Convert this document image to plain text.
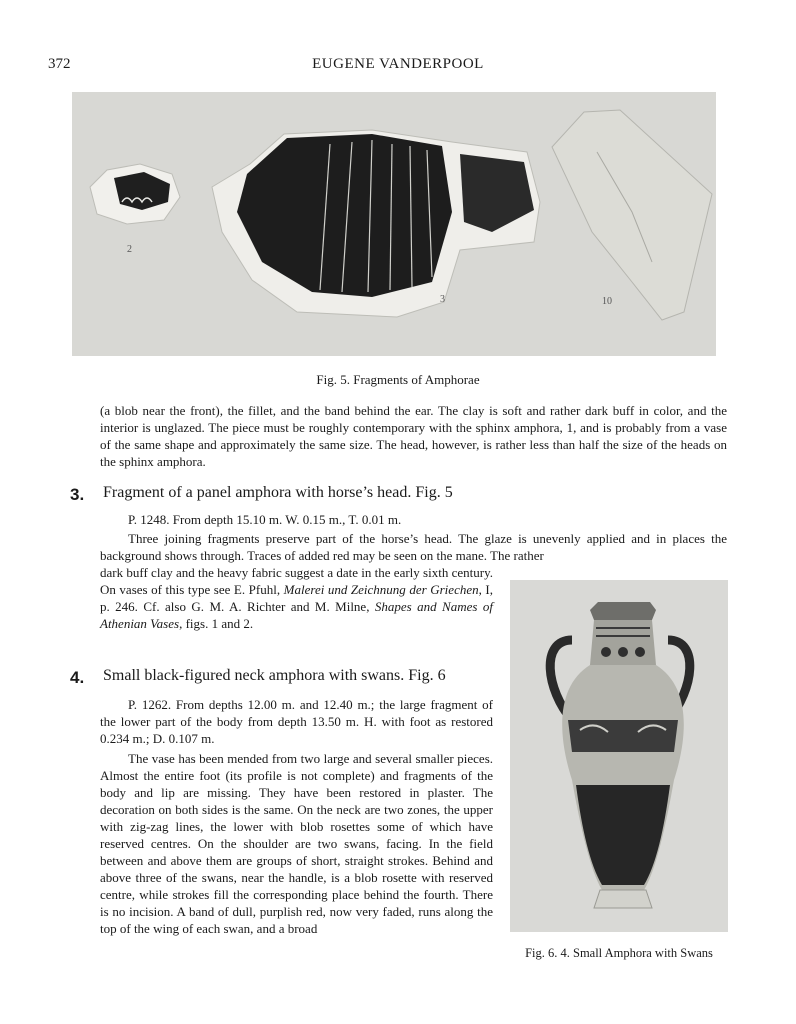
372	EUGENE VANDERPOOL
2
3	10
Fig. 5. Fragments of Amphorae
(a blob near the front), the fillet, and the band behind the ear. The clay is soft and rather dark buff in color, and the interior is unglazed. The piece must be roughly contemporary with the sphinx amphora, 1, and is probably from a vase of the same shape and approximately the same size. The head, however, is rather less than half the size of the heads on the sphinx amphora.
3. Fragment of a panel amphora with horse’s head. Fig. 5
P. 1248. From depth 15.10 m. W. 0.15 m., T. 0.01 m.
Three joining fragments preserve part of the horse’s head. The glaze is unevenly applied and in places the background shows through. Traces of added red may be seen on the mane. The rather
dark buff clay and the heavy fabric suggest a date in the early sixth century. On vases of this type see E. Pfuhl, Malerei und Zeichnung der Griechen, I, p. 246. Cf. also G. M. A. Richter and M. Milne, Shapes and Names of Athenian Vases, figs. 1 and 2.
4. Small black-figured neck amphora with swans. Fig. 6
P. 1262. From depths 12.00 m. and 12.40 m.; the large fragment of the lower part of the body from depth 13.50 m. H. with foot as restored 0.234 m.; D. 0.107 m.
The vase has been mended from two large and several smaller pieces. Almost the entire foot (its profile is not complete) and fragments of the body and lip are missing. They have been restored in plaster. The decoration on both sides is the same. On the neck are two zones, the upper with zig-zag lines, the lower with blob rosettes some of which have reserved centres. On the shoulder are two swans, facing. In the field between and above them are groups of short, straight strokes. Behind and above three of the swans, near the handle, is a blob rosette with reserved centre, while strokes fill the corresponding place behind the fourth. There is no incision. A band of dull, purplish red, now very faded, runs along the top of the wing of each swan, and a broad
Fig. 6. 4. Small Amphora with Swans
